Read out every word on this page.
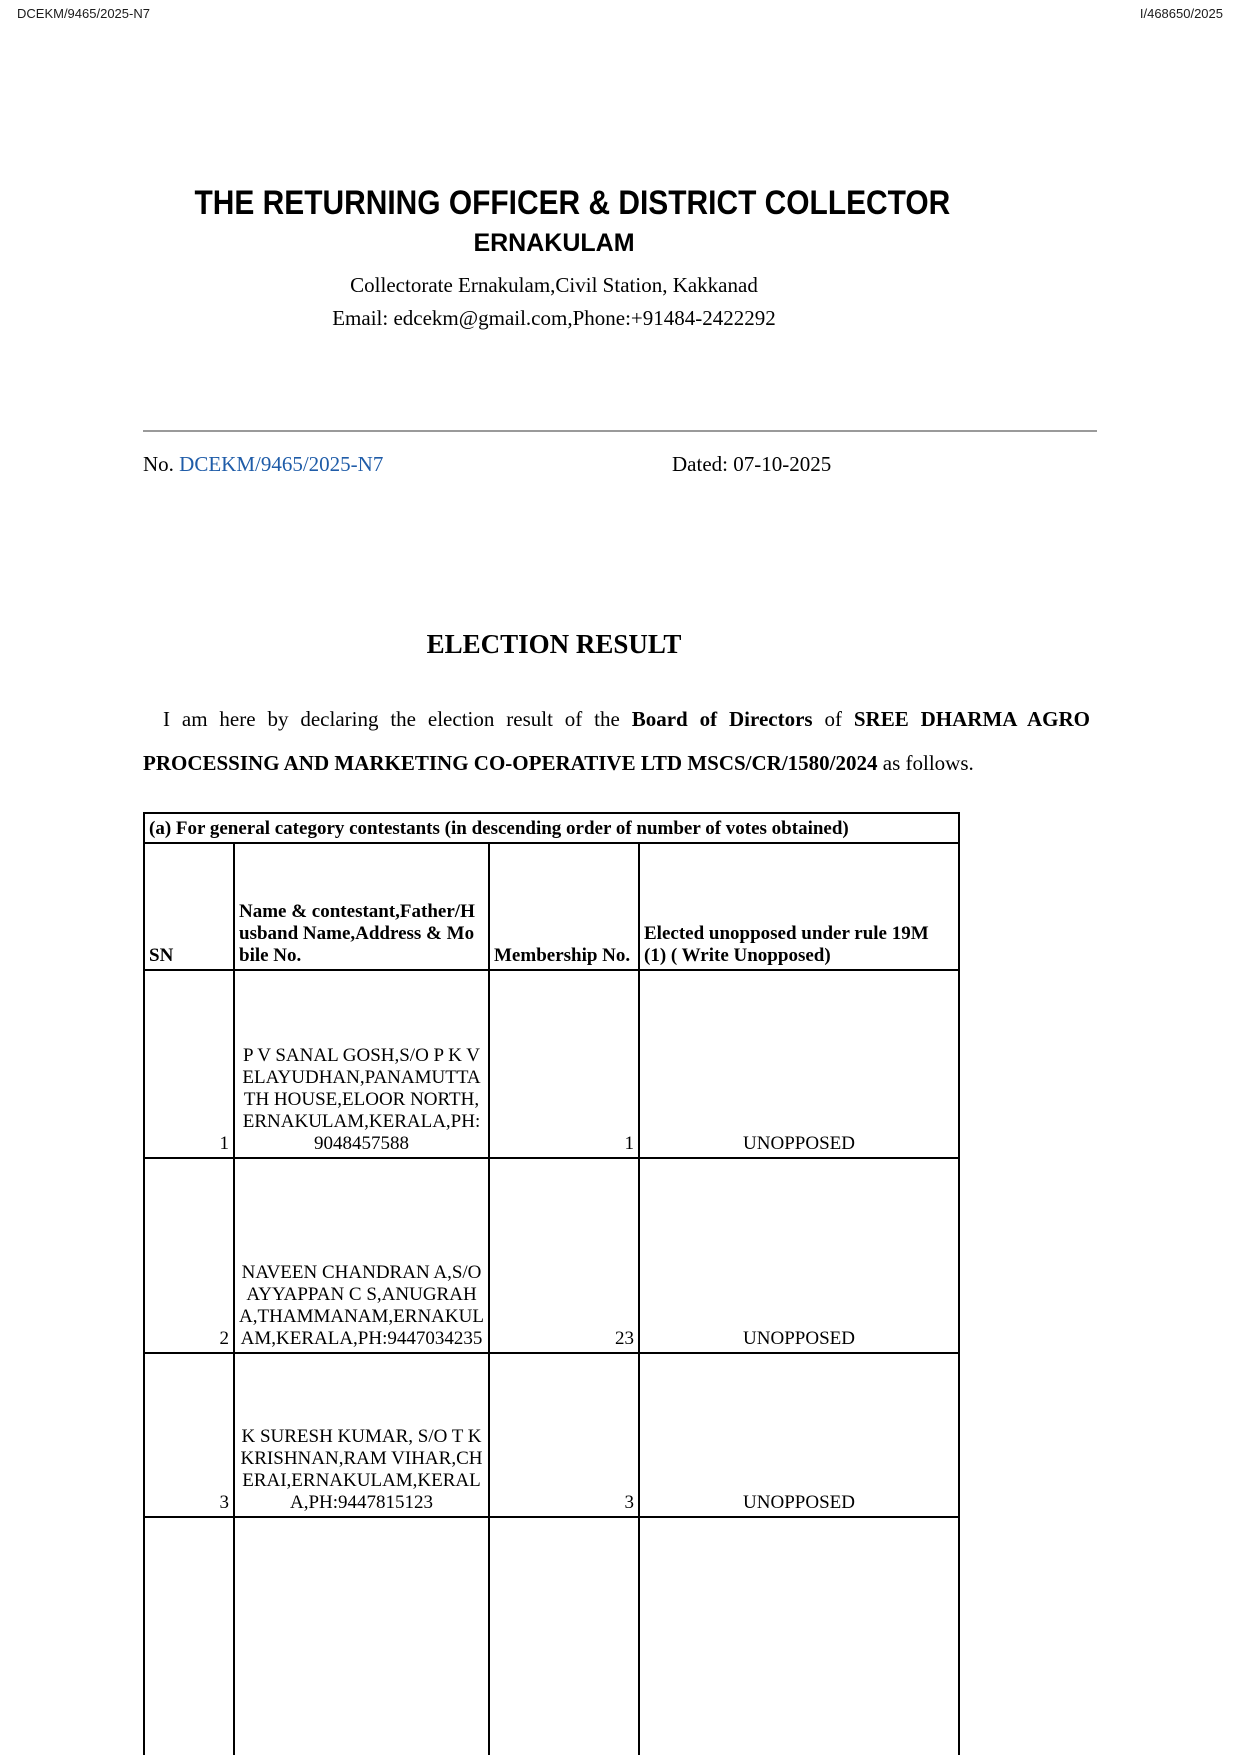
DCEKM/9465/2025-N7	I/468650/2025
THE RETURNING OFFICER & DISTRICT COLLECTOR
ERNAKULAM
Collectorate Ernakulam,Civil Station, Kakkanad
Email: edcekm@gmail.com,Phone:+91484-2422292
No. DCEKM/9465/2025-N7	Dated: 07-10-2025
ELECTION RESULT

I am here by declaring the election result of the Board of Directors of SREE DHARMA AGRO PROCESSING AND MARKETING CO-OPERATIVE LTD MSCS/CR/1580/2024 as follows.

(a) For general category contestants (in descending order of number of votes obtained)			
SN	Name & contestant,Father/Husband Name,Address & Mobile No.	Membership No.	Elected unopposed under rule 19M (1) ( Write Unopposed)
1	P V SANAL GOSH,S/O P K VELAYUDHAN,PANAMUTTATH HOUSE,ELOOR NORTH,ERNAKULAM,KERALA,PH:9048457588	1	UNOPPOSED
2	NAVEEN CHANDRAN A,S/O AYYAPPAN C S,ANUGRAHA,THAMMANAM,ERNAKULAM,KERALA,PH:9447034235	23	UNOPPOSED
3	K SURESH KUMAR, S/O T K KRISHNAN,RAM VIHAR,CHERAI,ERNAKULAM,KERALA,PH:9447815123	3	UNOPPOSED
